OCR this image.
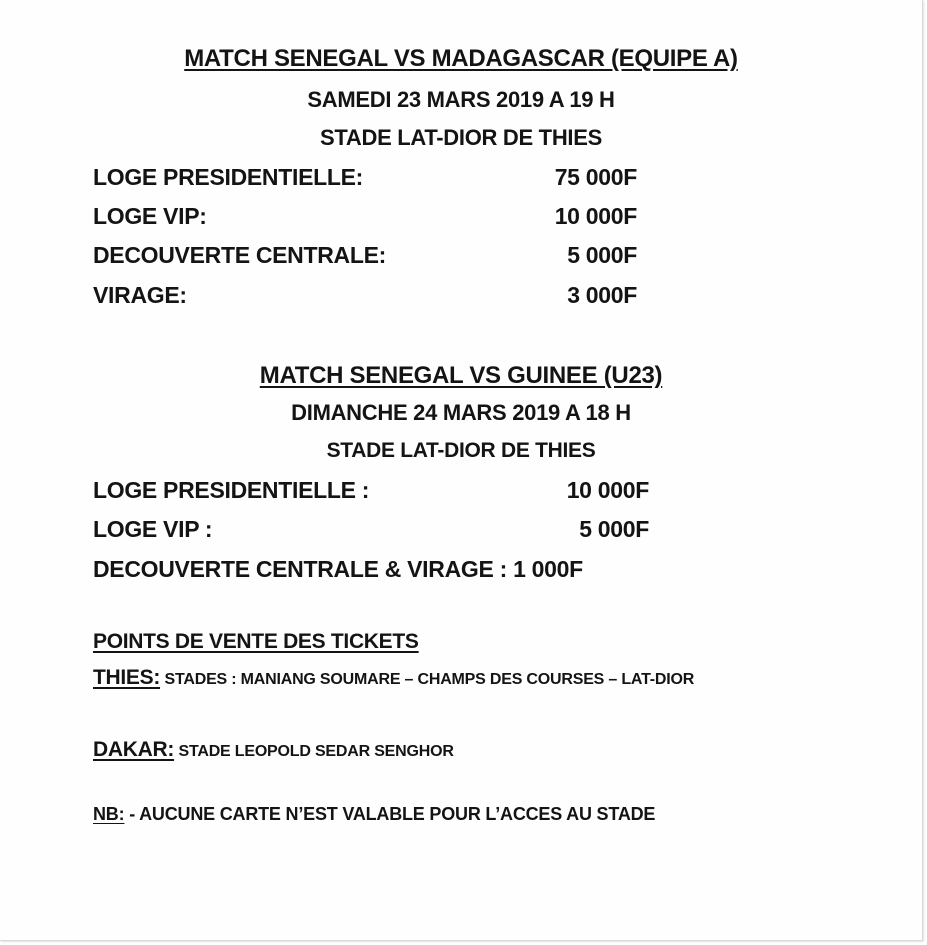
MATCH SENEGAL VS MADAGASCAR (EQUIPE A)
SAMEDI 23 MARS 2019 A 19 H
STADE LAT-DIOR DE THIES
LOGE PRESIDENTIELLE:	75 000F
LOGE VIP:	10 000F
DECOUVERTE CENTRALE:	5 000F
VIRAGE:	3 000F
MATCH SENEGAL VS GUINEE (U23)
DIMANCHE 24 MARS 2019 A 18 H
STADE LAT-DIOR DE THIES
LOGE PRESIDENTIELLE :	10 000F
LOGE VIP :	5 000F
DECOUVERTE CENTRALE & VIRAGE : 1 000F
POINTS DE VENTE DES TICKETS
THIES: STADES : MANIANG SOUMARE – CHAMPS DES COURSES – LAT-DIOR
DAKAR: STADE LEOPOLD SEDAR SENGHOR
NB: - AUCUNE CARTE N’EST VALABLE POUR L’ACCES AU STADE
